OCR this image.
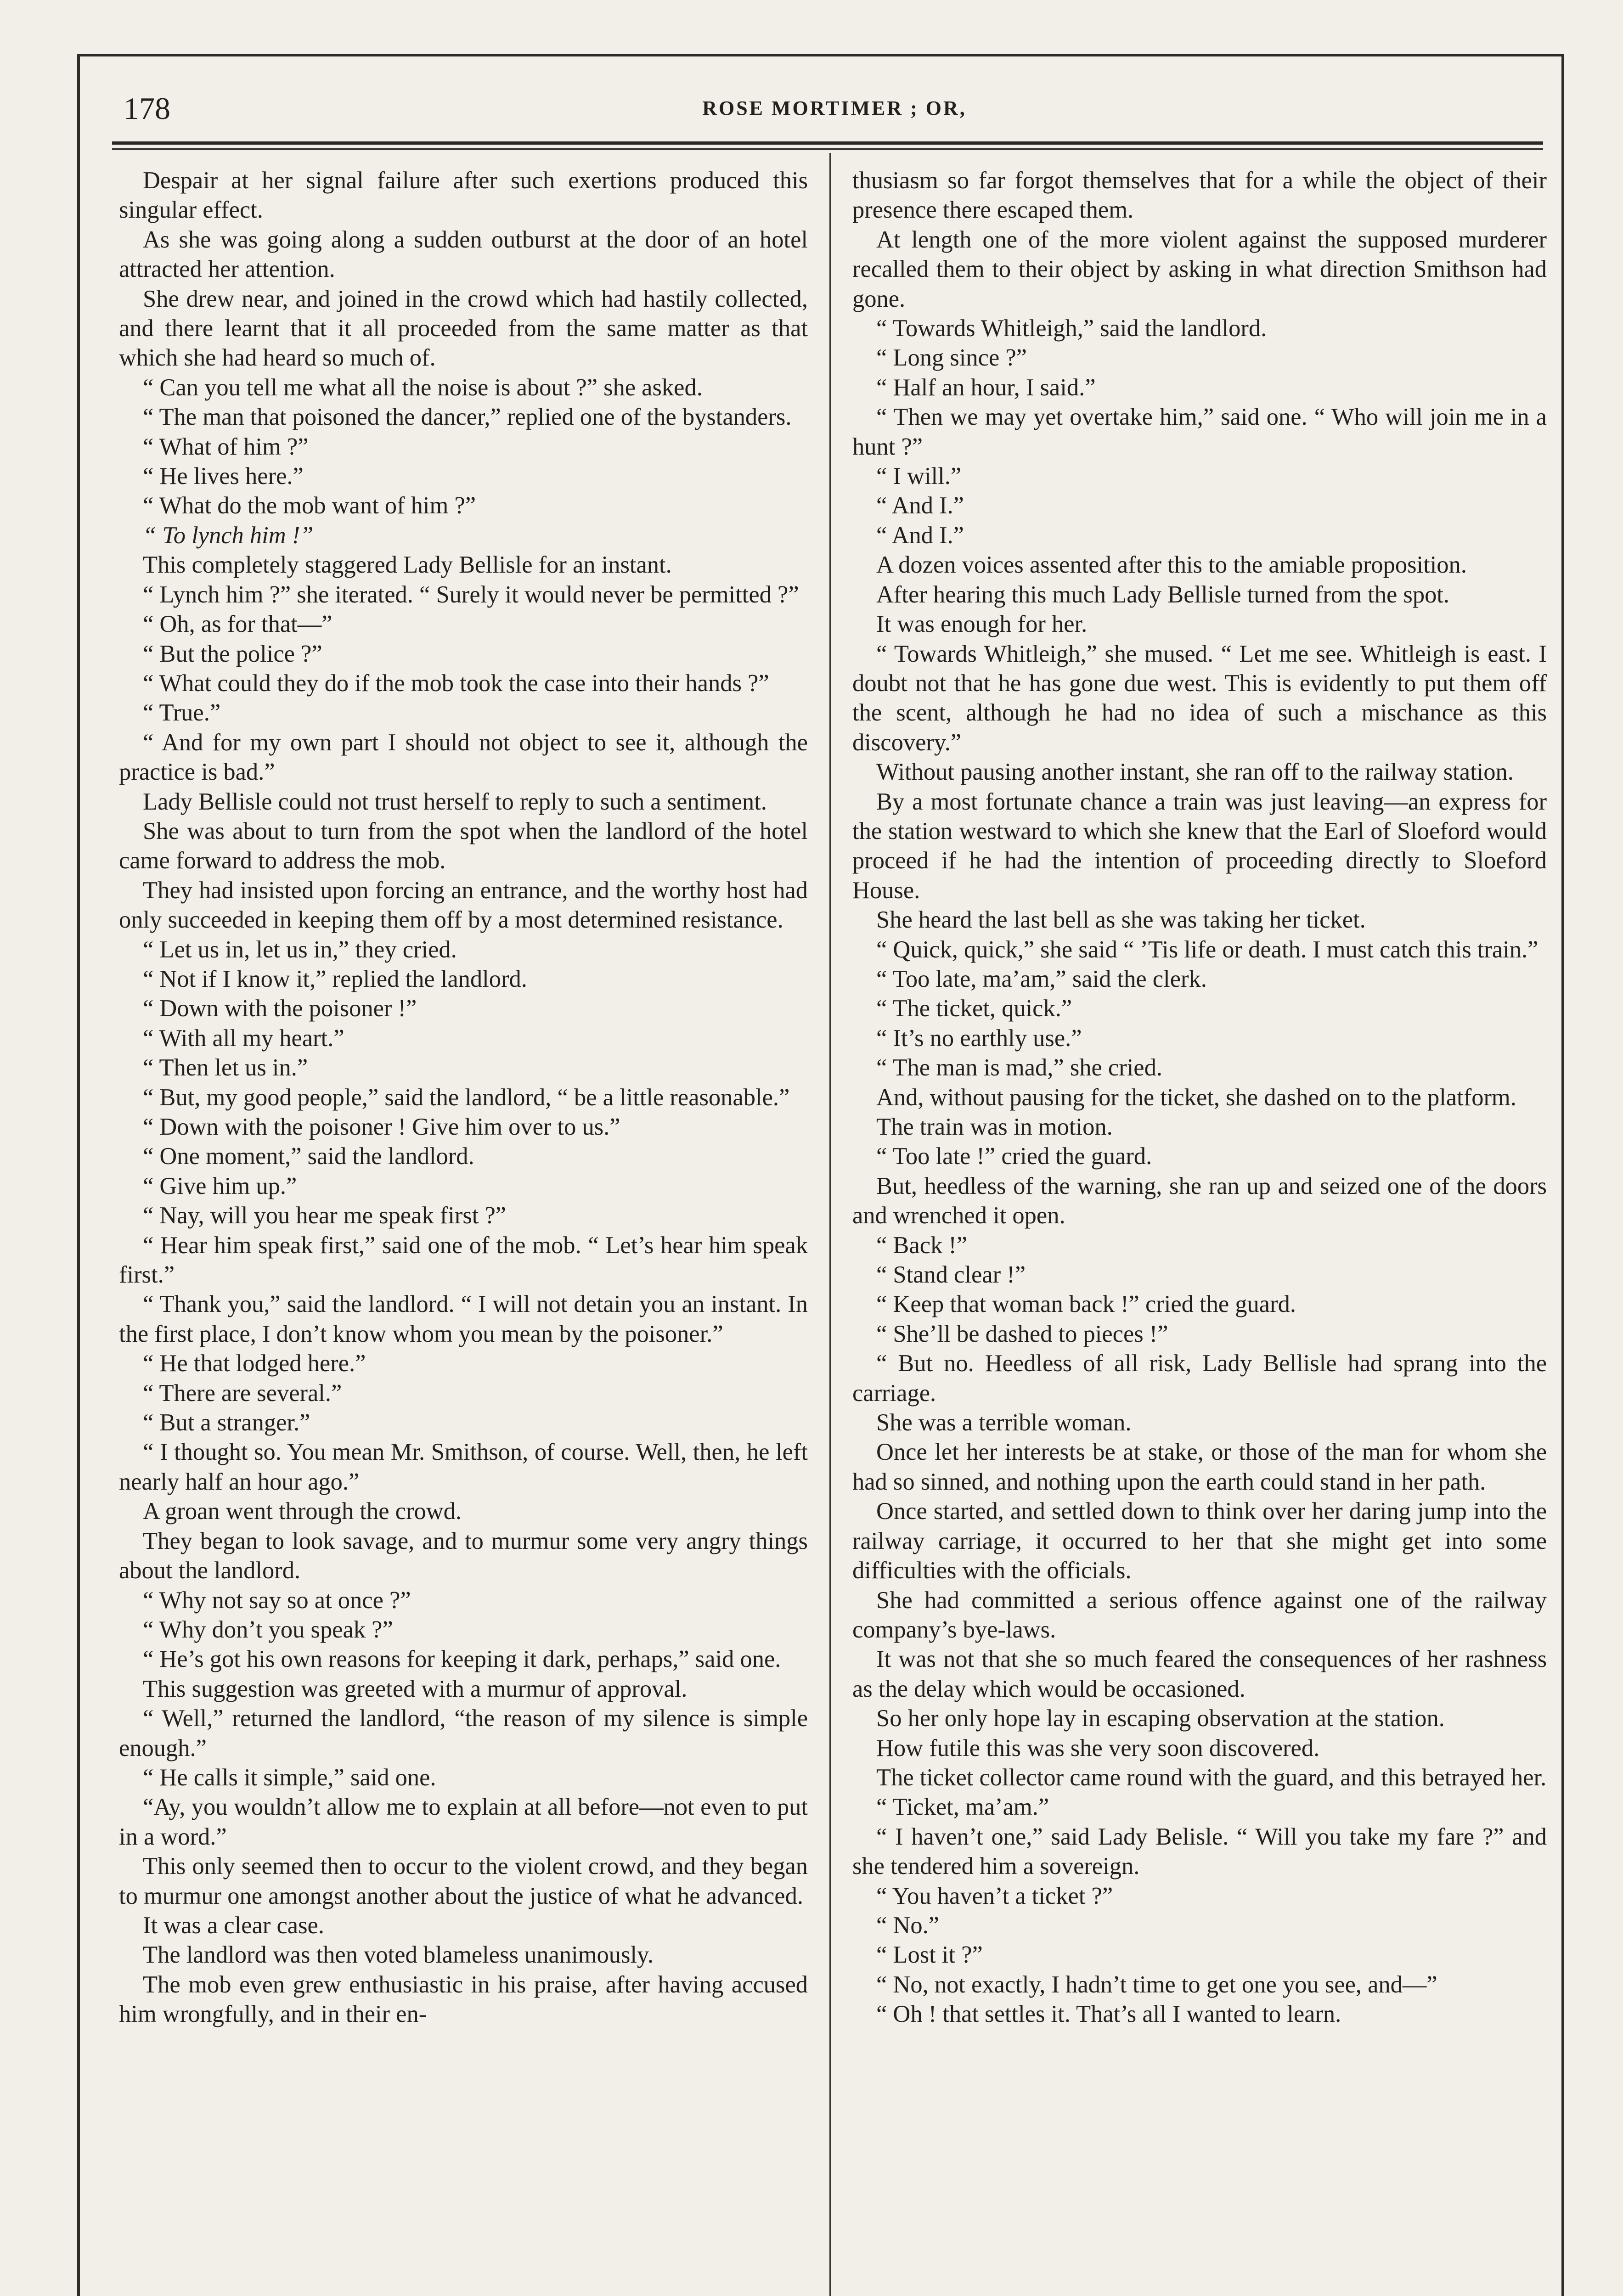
178	ROSE MORTIMER ; OR,

Despair at her signal failure after such exertions produced this singular effect.

As she was going along a sudden outburst at the door of an hotel attracted her attention.

She drew near, and joined in the crowd which had hastily collected, and there learnt that it all proceeded from the same matter as that which she had heard so much of.

“ Can you tell me what all the noise is about ?” she asked.

“ The man that poisoned the dancer,” replied one of the bystanders.

“ What of him ?”

“ He lives here.”

“ What do the mob want of him ?”

“ To lynch him !”

This completely staggered Lady Bellisle for an instant.

“ Lynch him ?” she iterated. “ Surely it would never be permitted ?”

“ Oh, as for that—”

“ But the police ?”

“ What could they do if the mob took the case into their hands ?”

“ True.”

“ And for my own part I should not object to see it, although the practice is bad.”

Lady Bellisle could not trust herself to reply to such a sentiment.

She was about to turn from the spot when the landlord of the hotel came forward to address the mob.

They had insisted upon forcing an entrance, and the worthy host had only succeeded in keeping them off by a most determined resistance.

“ Let us in, let us in,” they cried.

“ Not if I know it,” replied the landlord.

“ Down with the poisoner !”

“ With all my heart.”

“ Then let us in.”

“ But, my good people,” said the landlord, “ be a little reasonable.”

“ Down with the poisoner ! Give him over to us.”

“ One moment,” said the landlord.

“ Give him up.”

“ Nay, will you hear me speak first ?”

“ Hear him speak first,” said one of the mob. “ Let’s hear him speak first.”

“ Thank you,” said the landlord. “ I will not detain you an instant. In the first place, I don’t know whom you mean by the poisoner.”

“ He that lodged here.”

“ There are several.”

“ But a stranger.”

“ I thought so. You mean Mr. Smithson, of course. Well, then, he left nearly half an hour ago.”

A groan went through the crowd.

They began to look savage, and to murmur some very angry things about the landlord.

“ Why not say so at once ?”

“ Why don’t you speak ?”

“ He’s got his own reasons for keeping it dark, perhaps,” said one.

This suggestion was greeted with a murmur of approval.

“ Well,” returned the landlord, “the reason of my silence is simple enough.”

“ He calls it simple,” said one.

“Ay, you wouldn’t allow me to explain at all before—not even to put in a word.”

This only seemed then to occur to the violent crowd, and they began to murmur one amongst another about the justice of what he advanced.

It was a clear case.

The landlord was then voted blameless unanimously.

The mob even grew enthusiastic in his praise, after having accused him wrongfully, and in their en-

thusiasm so far forgot themselves that for a while the object of their presence there escaped them.

At length one of the more violent against the supposed murderer recalled them to their object by asking in what direction Smithson had gone.

“ Towards Whitleigh,” said the landlord.

“ Long since ?”

“ Half an hour, I said.”

“ Then we may yet overtake him,” said one. “ Who will join me in a hunt ?”

“ I will.”

“ And I.”

“ And I.”

A dozen voices assented after this to the amiable proposition.

After hearing this much Lady Bellisle turned from the spot.

It was enough for her.

“ Towards Whitleigh,” she mused. “ Let me see. Whitleigh is east. I doubt not that he has gone due west. This is evidently to put them off the scent, although he had no idea of such a mischance as this discovery.”

Without pausing another instant, she ran off to the railway station.

By a most fortunate chance a train was just leaving—an express for the station westward to which she knew that the Earl of Sloeford would proceed if he had the intention of proceeding directly to Sloeford House.

She heard the last bell as she was taking her ticket.

“ Quick, quick,” she said “ ’Tis life or death. I must catch this train.”

“ Too late, ma’am,” said the clerk.

“ The ticket, quick.”

“ It’s no earthly use.”

“ The man is mad,” she cried.

And, without pausing for the ticket, she dashed on to the platform.

The train was in motion.

“ Too late !” cried the guard.

But, heedless of the warning, she ran up and seized one of the doors and wrenched it open.

“ Back !”

“ Stand clear !”

“ Keep that woman back !” cried the guard.

“ She’ll be dashed to pieces !”

“ But no. Heedless of all risk, Lady Bellisle had sprang into the carriage.

She was a terrible woman.

Once let her interests be at stake, or those of the man for whom she had so sinned, and nothing upon the earth could stand in her path.

Once started, and settled down to think over her daring jump into the railway carriage, it occurred to her that she might get into some difficulties with the officials.

She had committed a serious offence against one of the railway company’s bye-laws.

It was not that she so much feared the consequences of her rashness as the delay which would be occasioned.

So her only hope lay in escaping observation at the station.

How futile this was she very soon discovered.

The ticket collector came round with the guard, and this betrayed her.

“ Ticket, ma’am.”

“ I haven’t one,” said Lady Belisle. “ Will you take my fare ?” and she tendered him a sovereign.

“ You haven’t a ticket ?”

“ No.”

“ Lost it ?”

“ No, not exactly, I hadn’t time to get one you see, and—”

“ Oh ! that settles it. That’s all I wanted to learn.
